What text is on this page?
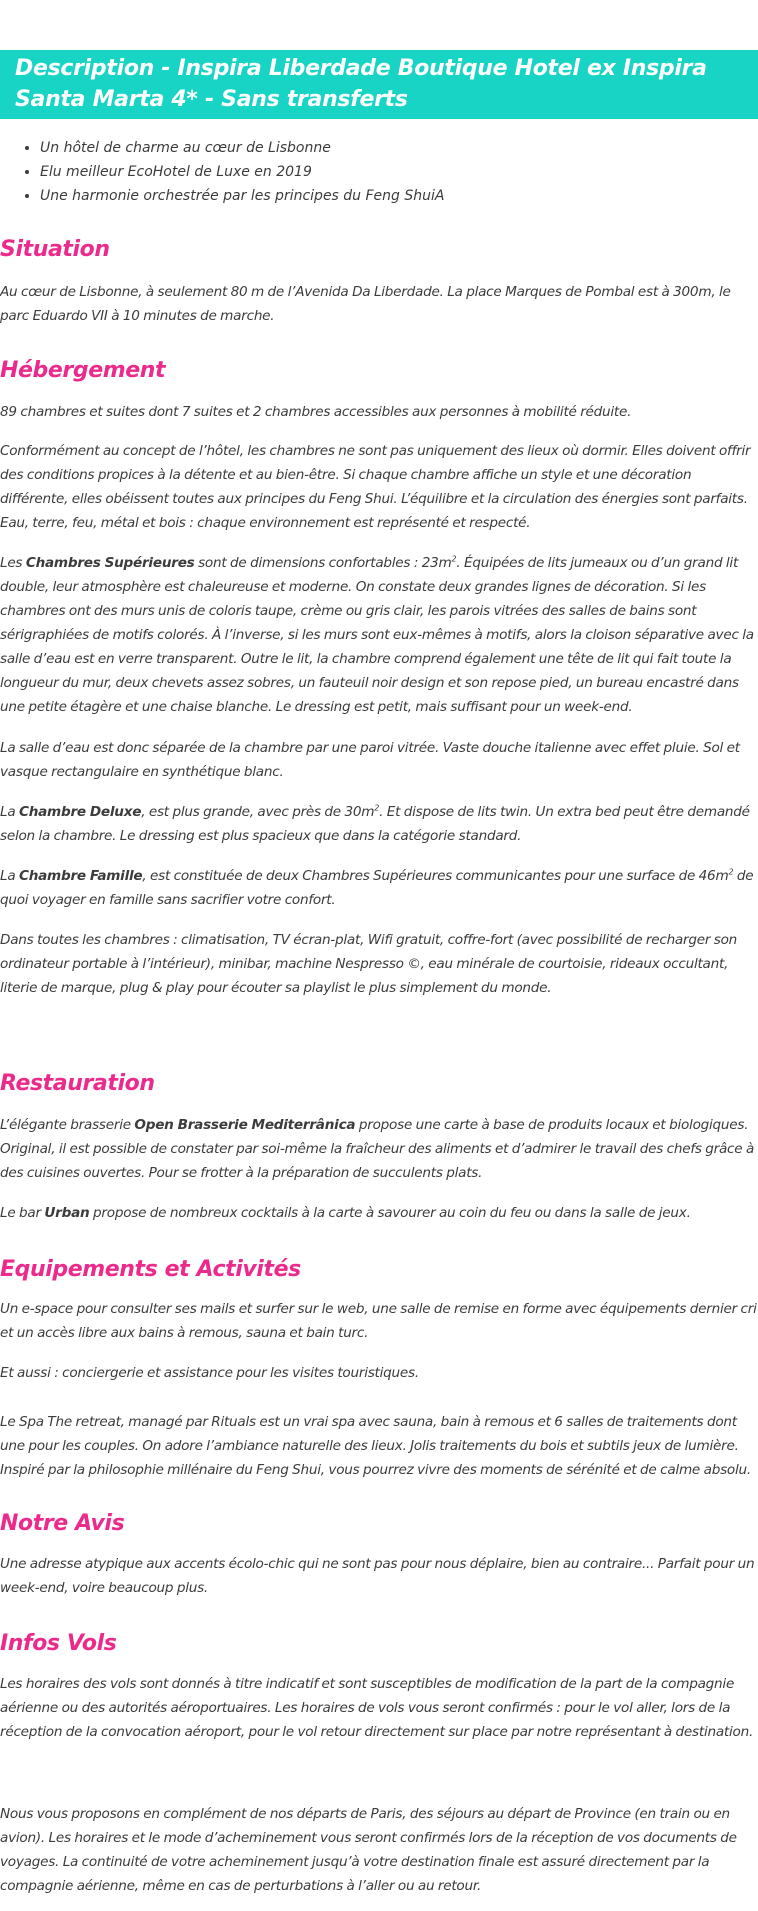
Description - Inspira Liberdade Boutique Hotel ex Inspira Santa Marta 4* - Sans transferts
• Un hôtel de charme au cœur de Lisbonne
• Elu meilleur EcoHotel de Luxe en 2019
• Une harmonie orchestrée par les principes du Feng ShuiA
Situation

Au cœur de Lisbonne, à seulement 80 m de l’Avenida Da Liberdade. La place Marques de Pombal est à 300m, le parc Eduardo VII à 10 minutes de marche.

Hébergement

89 chambres et suites dont 7 suites et 2 chambres accessibles aux personnes à mobilité réduite.

Conformément au concept de l’hôtel, les chambres ne sont pas uniquement des lieux où dormir. Elles doivent offrir des conditions propices à la détente et au bien-être. Si chaque chambre affiche un style et une décoration différente, elles obéissent toutes aux principes du Feng Shui. L’équilibre et la circulation des énergies sont parfaits. Eau, terre, feu, métal et bois : chaque environnement est représenté et respecté.

Les Chambres Supérieures sont de dimensions confortables : $23m^2$. Équipées de lits jumeaux ou d’un grand lit double, leur atmosphère est chaleureuse et moderne. On constate deux grandes lignes de décoration. Si les chambres ont des murs unis de coloris taupe, crème ou gris clair, les parois vitrées des salles de bains sont sérigraphiées de motifs colorés. À l’inverse, si les murs sont eux-mêmes à motifs, alors la cloison séparative avec la salle d’eau est en verre transparent. Outre le lit, la chambre comprend également une tête de lit qui fait toute la longueur du mur, deux chevets assez sobres, un fauteuil noir design et son repose pied, un bureau encastré dans une petite étagère et une chaise blanche. Le dressing est petit, mais suffisant pour un week-end.

La salle d’eau est donc séparée de la chambre par une paroi vitrée. Vaste douche italienne avec effet pluie. Sol et vasque rectangulaire en synthétique blanc.

La Chambre Deluxe, est plus grande, avec près de $30m^2$. Et dispose de lits twin. Un extra bed peut être demandé selon la chambre. Le dressing est plus spacieux que dans la catégorie standard.

La Chambre Famille, est constituée de deux Chambres Supérieures communicantes pour une surface de $46m^2$ de quoi voyager en famille sans sacrifier votre confort.

Dans toutes les chambres : climatisation, TV écran-plat, Wifi gratuit, coffre-fort (avec possibilité de recharger son ordinateur portable à l’intérieur), minibar, machine Nespresso ©, eau minérale de courtoisie, rideaux occultant, literie de marque, plug & play pour écouter sa playlist le plus simplement du monde.

Restauration

L’élégante brasserie Open Brasserie Mediterrânica propose une carte à base de produits locaux et biologiques. Original, il est possible de constater par soi-même la fraîcheur des aliments et d’admirer le travail des chefs grâce à des cuisines ouvertes. Pour se frotter à la préparation de succulents plats.

Le bar Urban propose de nombreux cocktails à la carte à savourer au coin du feu ou dans la salle de jeux.

Equipements et Activités

Un e-space pour consulter ses mails et surfer sur le web, une salle de remise en forme avec équipements dernier cri et un accès libre aux bains à remous, sauna et bain turc.

Et aussi : conciergerie et assistance pour les visites touristiques.

Le Spa The retreat, managé par Rituals est un vrai spa avec sauna, bain à remous et 6 salles de traitements dont une pour les couples. On adore l’ambiance naturelle des lieux. Jolis traitements du bois et subtils jeux de lumière. Inspiré par la philosophie millénaire du Feng Shui, vous pourrez vivre des moments de sérénité et de calme absolu.

Notre Avis

Une adresse atypique aux accents écolo-chic qui ne sont pas pour nous déplaire, bien au contraire... Parfait pour un week-end, voire beaucoup plus.

Infos Vols

Les horaires des vols sont donnés à titre indicatif et sont susceptibles de modification de la part de la compagnie aérienne ou des autorités aéroportuaires. Les horaires de vols vous seront confirmés : pour le vol aller, lors de la réception de la convocation aéroport, pour le vol retour directement sur place par notre représentant à destination.

Nous vous proposons en complément de nos départs de Paris, des séjours au départ de Province (en train ou en avion). Les horaires et le mode d’acheminement vous seront confirmés lors de la réception de vos documents de voyages. La continuité de votre acheminement jusqu’à votre destination finale est assuré directement par la compagnie aérienne, même en cas de perturbations à l’aller ou au retour.
